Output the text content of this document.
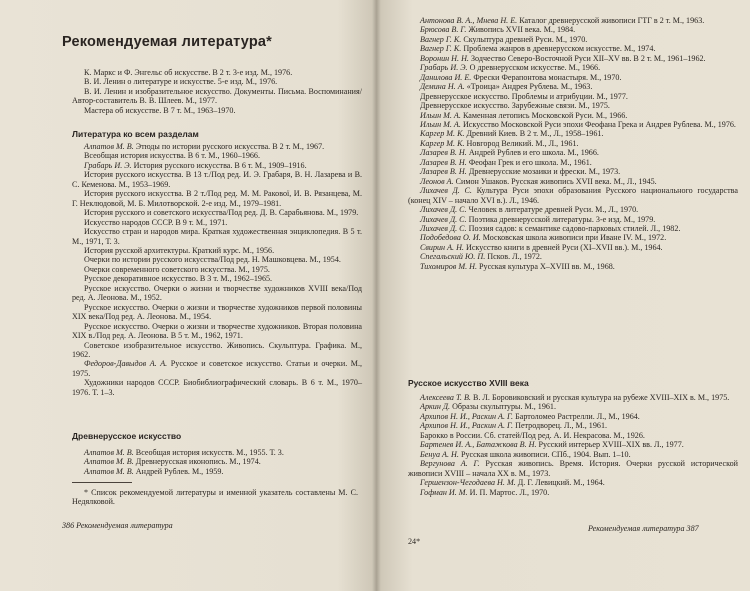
Рекомендуемая литература*
К. Маркс и Ф. Энгельс об искусстве. В 2 т. 3-е изд. М., 1976.
В. И. Ленин о литературе и искусстве. 5-е изд. М., 1976.
В. И. Ленин и изобразительное искусство. Документы. Письма. Воспоминания/Автор-составитель В. В. Шлеев. М., 1977.
Мастера об искусстве. В 7 т. М., 1963–1970.
Литература ко всем разделам
Алпатов М. В. Этюды по истории русского искусства. В 2 т. М., 1967.
Всеобщая история искусства. В 6 т. М., 1960–1966.
Грабарь И. Э. История русского искусства. В 6 т. М., 1909–1916.
История русского искусства. В 13 т./Под ред. И. Э. Грабаря, В. Н. Лазарева и В. С. Кеменова. М., 1953–1969.
История русского искусства. В 2 т./Под ред. М. М. Ракової, И. В. Рязанцева, М. Г. Неклюдовой, М. Б. Милотворской. 2-е изд. М., 1979–1981.
История русского и советского искусства/Под ред. Д. В. Сарабьянова. М., 1979.
Искусство народов СССР. В 9 т. М., 1971.
Искусство стран и народов мира. Краткая художественная энциклопедия. В 5 т. М., 1971, Т. 3.
История русской архитектуры. Краткий курс. М., 1956.
Очерки по истории русского искусства/Под ред. Н. Машковцева. М., 1954.
Очерки современного советского искусства. М., 1975.
Русское декоративное искусство. В 3 т. М., 1962–1965.
Русское искусство. Очерки о жизни и творчестве художников XVIII века/Под ред. А. Леонова. М., 1952.
Русское искусство. Очерки о жизни и творчестве художников первой половины XIX века/Под ред. А. Леонова. М., 1954.
Русское искусство. Очерки о жизни и творчестве художников. Вторая половина XIX в./Под ред. А. Леонова. В 5 т. М., 1962, 1971.
Советское изобразительное искусство. Живопись. Скульптура. Графика. М., 1962.
Федоров-Давыдов А. А. Русское и советское искусство. Статьи и очерки. М., 1975.
Художники народов СССР. Биобиблиографический словарь. В 6 т. М., 1970–1976. Т. 1–3.
Древнерусское искусство
Алпатов М. В. Всеобщая история искусств. М., 1955. Т. 3.
Алпатов М. В. Древнерусская иконопись. М., 1974.
Алпатов М. В. Андрей Рублев. М., 1959.
* Список рекомендуемой литературы и именной указатель составлены М. С. Недялковой.
386 Рекомендуемая литература
Антонова В. А., Мнева Н. Е. Каталог древнерусской живописи ГТГ в 2 т. М., 1963.
Брюсова В. Г. Живопись XVII века. М., 1984.
Вагнер Г. К. Скульптура древней Руси. М., 1970.
Вагнер Г. К. Проблема жанров в древнерусском искусстве. М., 1974.
Воронин Н. Н. Зодчество Северо-Восточной Руси XII–XV вв. В 2 т. М., 1961–1962.
Грабарь И. Э. О древнерусском искусстве. М., 1966.
Данилова И. Е. Фрески Ферапонтова монастыря. М., 1970.
Демина Н. А. «Троица» Андрея Рублева. М., 1963.
Древнерусское искусство. Проблемы и атрибуции. М., 1977.
Древнерусское искусство. Зарубежные связи. М., 1975.
Ильин М. А. Каменная летопись Московской Руси. М., 1966.
Ильин М. А. Искусство Московской Руси эпохи Феофана Грека и Андрея Рублева. М., 1976.
Каргер М. К. Древний Киев. В 2 т. М., Л., 1958–1961.
Каргер М. К. Новгород Великий. М., Л., 1961.
Лазарев В. Н. Андрей Рублев и его школа. М., 1966.
Лазарев В. Н. Феофан Грек и его школа. М., 1961.
Лазарев В. Н. Древнерусские мозаики и фрески. М., 1973.
Леонов А. Симон Ушаков. Русская живопись XVII века. М., Л., 1945.
Лихачев Д. С. Культура Руси эпохи образования Русского национального государства (конец XIV – начало XVI в.). Л., 1946.
Лихачев Д. С. Человек в литературе древней Руси. М., Л., 1970.
Лихачев Д. С. Поэтика древнерусской литературы. 3-е изд. М., 1979.
Лихачев Д. С. Поэзия садов: к семантике садово-парковых стилей. Л., 1982.
Подобедова О. И. Московская школа живописи при Иване IV. М., 1972.
Свирин А. Н. Искусство книги в древней Руси (XI–XVII вв.). М., 1964.
Спегальский Ю. П. Псков. Л., 1972.
Тихомиров М. Н. Русская культура X–XVIII вв. М., 1968.
Русское искусство XVIII века
Алексеева Т. В. В. Л. Боровиковский и русская культура на рубеже XVIII–XIX в. М., 1975.
Аркин Д. Образы скульптуры. М., 1961.
Архипов Н. И., Раскин А. Г. Бартоломео Растрелли. Л., М., 1964.
Архипов Н. И., Раскин А. Г. Петродворец. Л., М., 1961.
Барокко в России. Сб. статей/Под ред. А. И. Некрасова. М., 1926.
Бартенев И. А., Батажкова В. Н. Русский интерьер XVIII–XIX вв. Л., 1977.
Бенуа А. Н. Русская школа живописи. СПб., 1904. Вып. 1–10.
Вергунова А. Г. Русская живопись. Время. История. Очерки русской исторической живописи XVIII – начала XX в. М., 1973.
Гершензон-Чегодаева Н. М. Д. Г. Левицкий. М., 1964.
Гофман И. М. И. П. Мартос. Л., 1970.
24*
Рекомендуемая литература 387
